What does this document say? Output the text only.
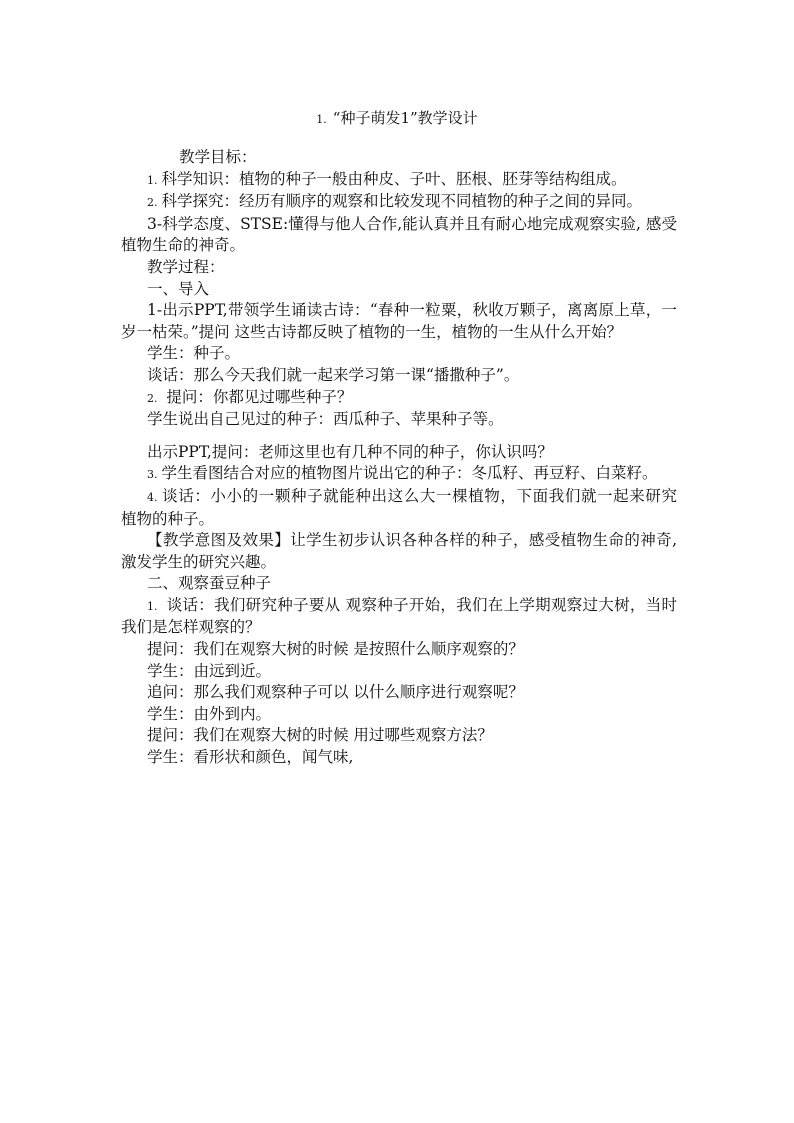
1. “种子萌发1”教学设计

教学目标：

1. 科学知识：植物的种子一般由种皮、子叶、胚根、胚芽等结构组成。

2. 科学探究：经历有顺序的观察和比较发现不同植物的种子之间的异同。

3-科学态度、STSE:懂得与他人合作,能认真并且有耐心地完成观察实验, 感受植物生命的神奇。

教学过程：

一、导入

1-出示PPT,带领学生诵读古诗：“春种一粒粟，秋收万颗子，离离原上草，一岁一枯荣。”提问 这些古诗都反映了植物的一生，植物的一生从什么开始？

学生：种子。

谈话：那么今天我们就一起来学习第一课“播撒种子”。

2. 提问：你都见过哪些种子？

学生说出自己见过的种子：西瓜种子、苹果种子等。

出示PPT,提问：老师这里也有几种不同的种子，你认识吗？

3. 学生看图结合对应的植物图片说出它的种子：冬瓜籽、再豆籽、白菜籽。

4. 谈话：小小的一颗种子就能种出这么大一棵植物，下面我们就一起来研究 植物的种子。

【教学意图及效果】让学生初步认识各种各样的种子，感受植物生命的神奇, 激发学生的研究兴趣。

二、观察蚕豆种子

1. 谈话：我们研究种子要从 观察种子开始，我们在上学期观察过大树，当时我们是怎样观察的？

提问：我们在观察大树的时候 是按照什么顺序观察的？

学生：由远到近。

追问：那么我们观察种子可以 以什么顺序进行观察呢？

学生：由外到内。

提问：我们在观察大树的时候 用过哪些观察方法？

学生：看形状和颜色，闻气味,
